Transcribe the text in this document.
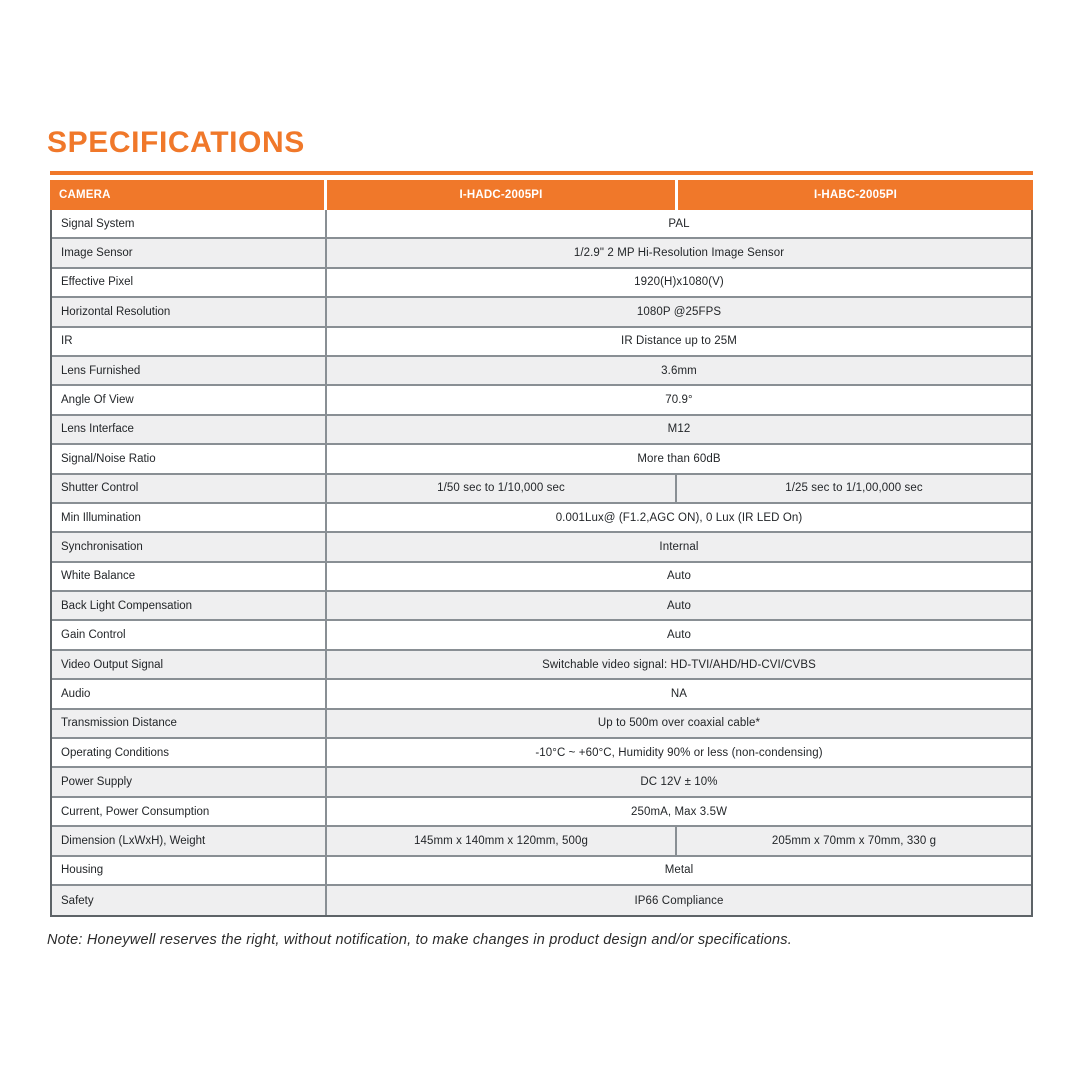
SPECIFICATIONS
CAMERA	I-HADC-2005PI	I-HABC-2005PI
Signal System	PAL
Image Sensor	1/2.9" 2 MP Hi-Resolution Image Sensor
Effective Pixel	1920(H)x1080(V)
Horizontal Resolution	1080P @25FPS
IR	IR Distance up to 25M
Lens Furnished	3.6mm
Angle Of View	70.9°
Lens Interface	M12
Signal/Noise Ratio	More than 60dB
Shutter Control	1/50 sec to 1/10,000 sec	1/25 sec to 1/1,00,000 sec
Min Illumination	0.001Lux@ (F1.2,AGC ON), 0 Lux (IR LED On)
Synchronisation	Internal
White Balance	Auto
Back Light Compensation	Auto
Gain Control	Auto
Video Output Signal	Switchable video signal: HD-TVI/AHD/HD-CVI/CVBS
Audio	NA
Transmission Distance	Up to 500m over coaxial cable*
Operating Conditions	-10°C ~ +60°C, Humidity 90% or less (non-condensing)
Power Supply	DC 12V ± 10%
Current, Power Consumption	250mA, Max 3.5W
Dimension (LxWxH), Weight	145mm x 140mm x 120mm, 500g	205mm x 70mm x 70mm, 330 g
Housing	Metal
Safety	IP66 Compliance

Note: Honeywell reserves the right, without notification, to make changes in product design and/or specifications.
